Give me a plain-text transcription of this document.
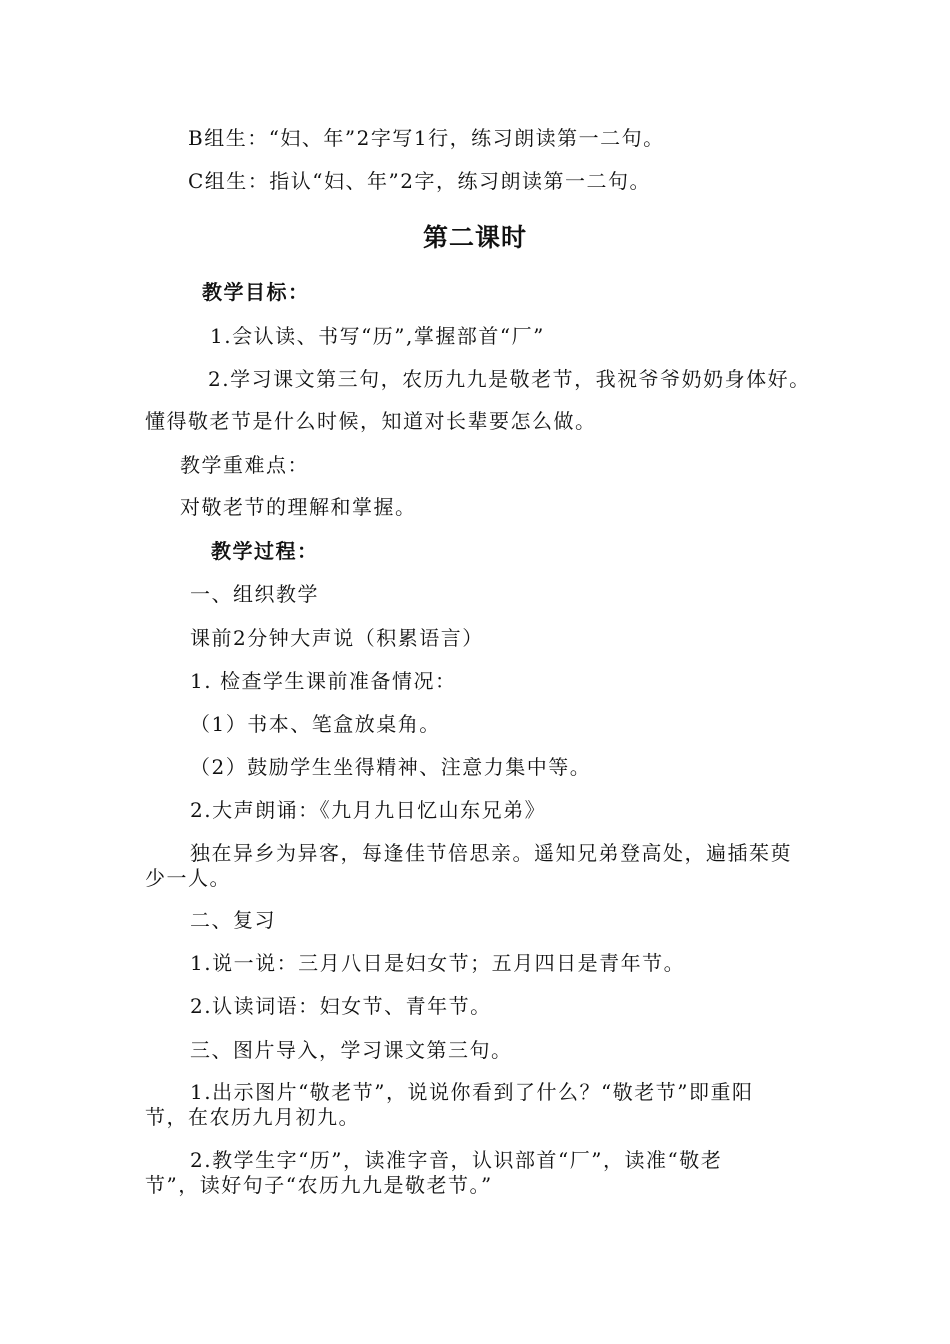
B组生：“妇、年”2字写1行，练习朗读第一二句。
C组生：指认“妇、年”2字，练习朗读第一二句。
第二课时
教学目标：
1.会认读、书写“历”,掌握部首“厂”
2.学习课文第三句，农历九九是敬老节，我祝爷爷奶奶身体好。
懂得敬老节是什么时候，知道对长辈要怎么做。
教学重难点：
对敬老节的理解和掌握。
教学过程：
一、组织教学
课前2分钟大声说（积累语言）
1. 检查学生课前准备情况：
（1）书本、笔盒放桌角。
（2）鼓励学生坐得精神、注意力集中等。
2.大声朗诵：《九月九日忆山东兄弟》
独在异乡为异客，每逢佳节倍思亲。遥知兄弟登高处，遍插茱萸
少一人。
二、复习
1.说一说：三月八日是妇女节；五月四日是青年节。
2.认读词语：妇女节、青年节。
三、图片导入，学习课文第三句。
1.出示图片“敬老节”，说说你看到了什么？“敬老节”即重阳
节，在农历九月初九。
2.教学生字“历”，读准字音，认识部首“厂”，读准“敬老
节”，读好句子“农历九九是敬老节。”
